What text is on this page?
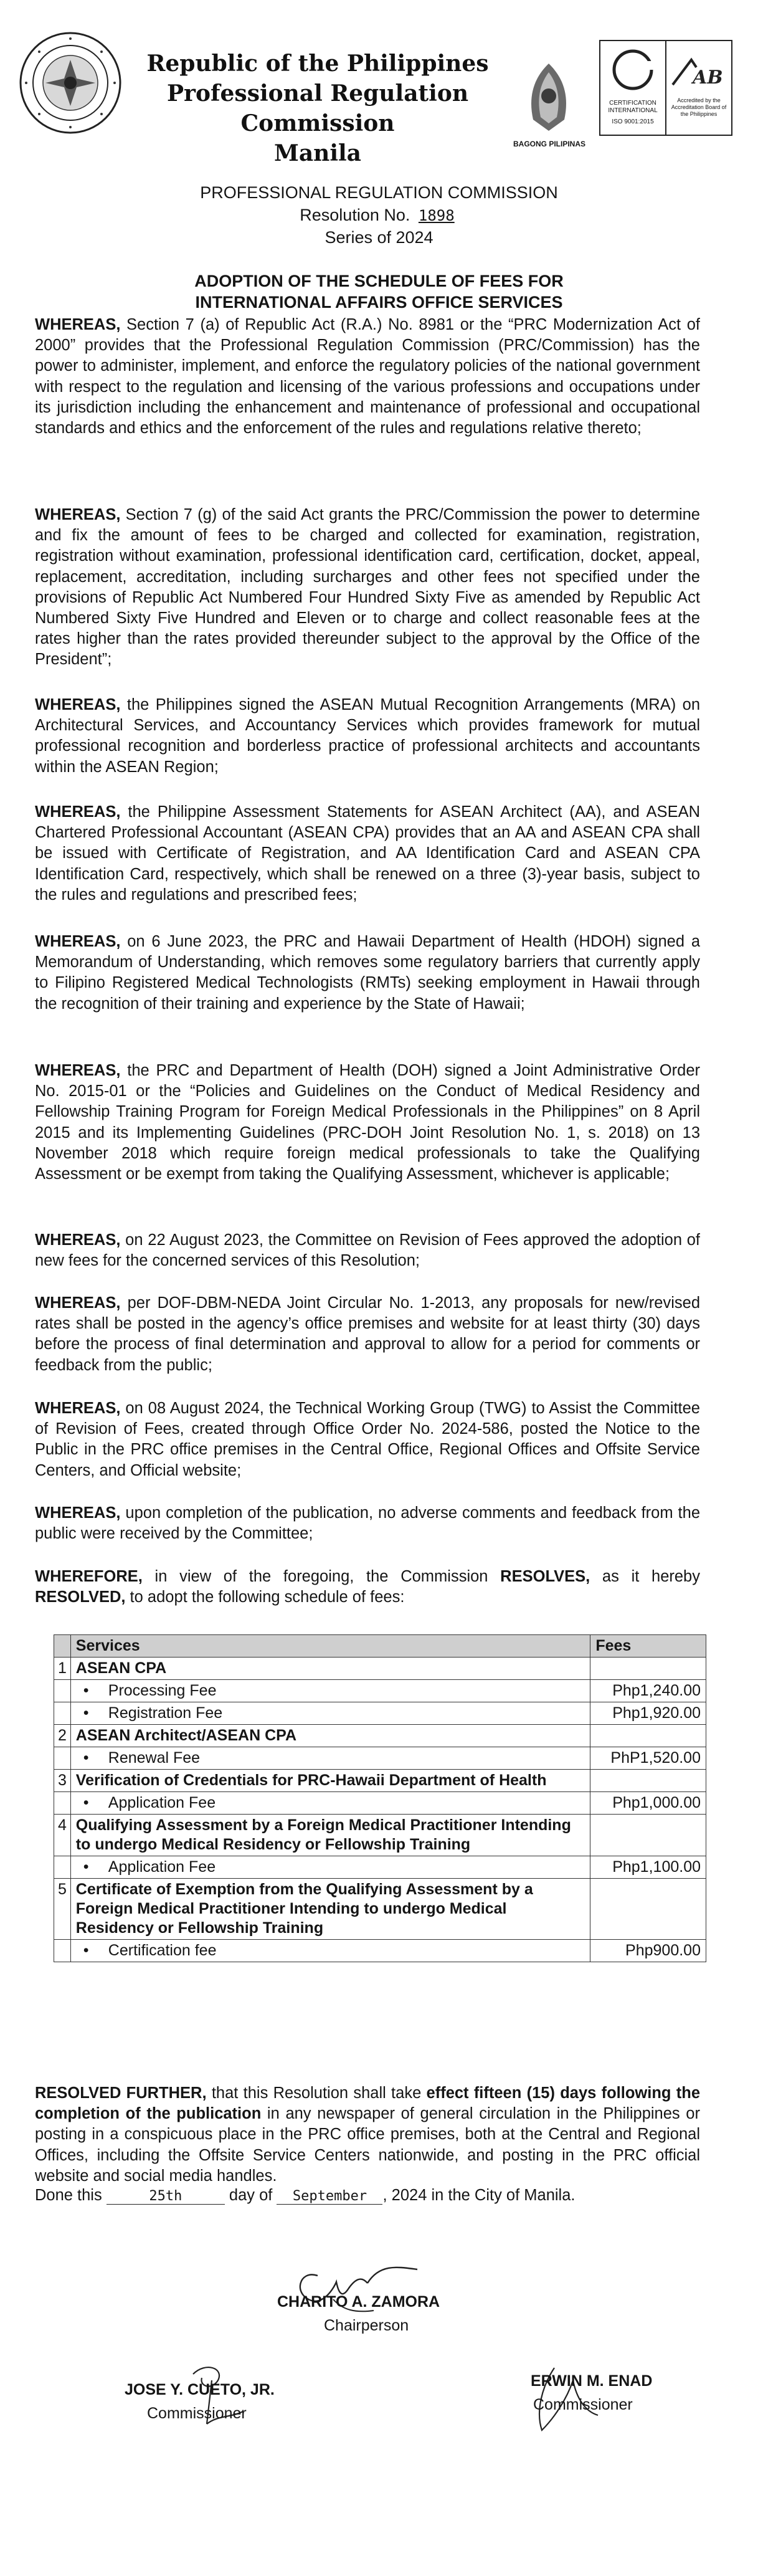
Republic of the Philippines
Professional Regulation Commission
Manila	BAGONG PILIPINAS
CERTIFICATION INTERNATIONAL
ISO 9001:2015
AB
Accredited by the Accreditation Board of the Philippines
PROFESSIONAL REGULATION COMMISSION
Resolution No. 1898
Series of 2024
ADOPTION OF THE SCHEDULE OF FEES FOR
INTERNATIONAL AFFAIRS OFFICE SERVICES
WHEREAS, Section 7 (a) of Republic Act (R.A.) No. 8981 or the “PRC Modernization Act of 2000” provides that the Professional Regulation Commission (PRC/Commission) has the power to administer, implement, and enforce the regulatory policies of the national government with respect to the regulation and licensing of the various professions and occupations under its jurisdiction including the enhancement and maintenance of professional and occupational standards and ethics and the enforcement of the rules and regulations relative thereto;
WHEREAS, Section 7 (g) of the said Act grants the PRC/Commission the power to determine and fix the amount of fees to be charged and collected for examination, registration, registration without examination, professional identification card, certification, docket, appeal, replacement, accreditation, including surcharges and other fees not specified under the provisions of Republic Act Numbered Four Hundred Sixty Five as amended by Republic Act Numbered Sixty Five Hundred and Eleven or to charge and collect reasonable fees at the rates higher than the rates provided thereunder subject to the approval by the Office of the President”;
WHEREAS, the Philippines signed the ASEAN Mutual Recognition Arrangements (MRA) on Architectural Services, and Accountancy Services which provides framework for mutual professional recognition and borderless practice of professional architects and accountants within the ASEAN Region;
WHEREAS, the Philippine Assessment Statements for ASEAN Architect (AA), and ASEAN Chartered Professional Accountant (ASEAN CPA) provides that an AA and ASEAN CPA shall be issued with Certificate of Registration, and AA Identification Card and ASEAN CPA Identification Card, respectively, which shall be renewed on a three (3)-year basis, subject to the rules and regulations and prescribed fees;
WHEREAS, on 6 June 2023, the PRC and Hawaii Department of Health (HDOH) signed a Memorandum of Understanding, which removes some regulatory barriers that currently apply to Filipino Registered Medical Technologists (RMTs) seeking employment in Hawaii through the recognition of their training and experience by the State of Hawaii;
WHEREAS, the PRC and Department of Health (DOH) signed a Joint Administrative Order No. 2015-01 or the “Policies and Guidelines on the Conduct of Medical Residency and Fellowship Training Program for Foreign Medical Professionals in the Philippines” on 8 April 2015 and its Implementing Guidelines (PRC-DOH Joint Resolution No. 1, s. 2018) on 13 November 2018 which require foreign medical professionals to take the Qualifying Assessment or be exempt from taking the Qualifying Assessment, whichever is applicable;
WHEREAS, on 22 August 2023, the Committee on Revision of Fees approved the adoption of new fees for the concerned services of this Resolution;
WHEREAS, per DOF-DBM-NEDA Joint Circular No. 1-2013, any proposals for new/revised rates shall be posted in the agency’s office premises and website for at least thirty (30) days before the process of final determination and approval to allow for a period for comments or feedback from the public;
WHEREAS, on 08 August 2024, the Technical Working Group (TWG) to Assist the Committee of Revision of Fees, created through Office Order No. 2024-586, posted the Notice to the Public in the PRC office premises in the Central Office, Regional Offices and Offsite Service Centers, and Official website;
WHEREAS, upon completion of the publication, no adverse comments and feedback from the public were received by the Committee;
WHEREFORE, in view of the foregoing, the Commission RESOLVES, as it hereby RESOLVED, to adopt the following schedule of fees:
	Services	Fees
1	ASEAN CPA	
	• Processing Fee	Php1,240.00
	• Registration Fee	Php1,920.00
2	ASEAN Architect/ASEAN CPA	
	• Renewal Fee	PhP1,520.00
3	Verification of Credentials for PRC-Hawaii Department of Health	
	• Application Fee	Php1,000.00
4	Qualifying Assessment by a Foreign Medical Practitioner Intending to undergo Medical Residency or Fellowship Training	
	• Application Fee	Php1,100.00
5	Certificate of Exemption from the Qualifying Assessment by a Foreign Medical Practitioner Intending to undergo Medical Residency or Fellowship Training	
	• Certification fee	Php900.00
RESOLVED FURTHER, that this Resolution shall take effect fifteen (15) days following the completion of the publication in any newspaper of general circulation in the Philippines or posting in a conspicuous place in the PRC office premises, both at the Central and Regional Offices, including the Offsite Service Centers nationwide, and posting in the PRC official website and social media handles.
Done this	25th	day of September , 2024 in the City of Manila.
CHARITO A. ZAMORA
Chairperson
JOSE Y. CUETO, JR.
Commissioner
ERWIN M. ENAD
Commissioner
